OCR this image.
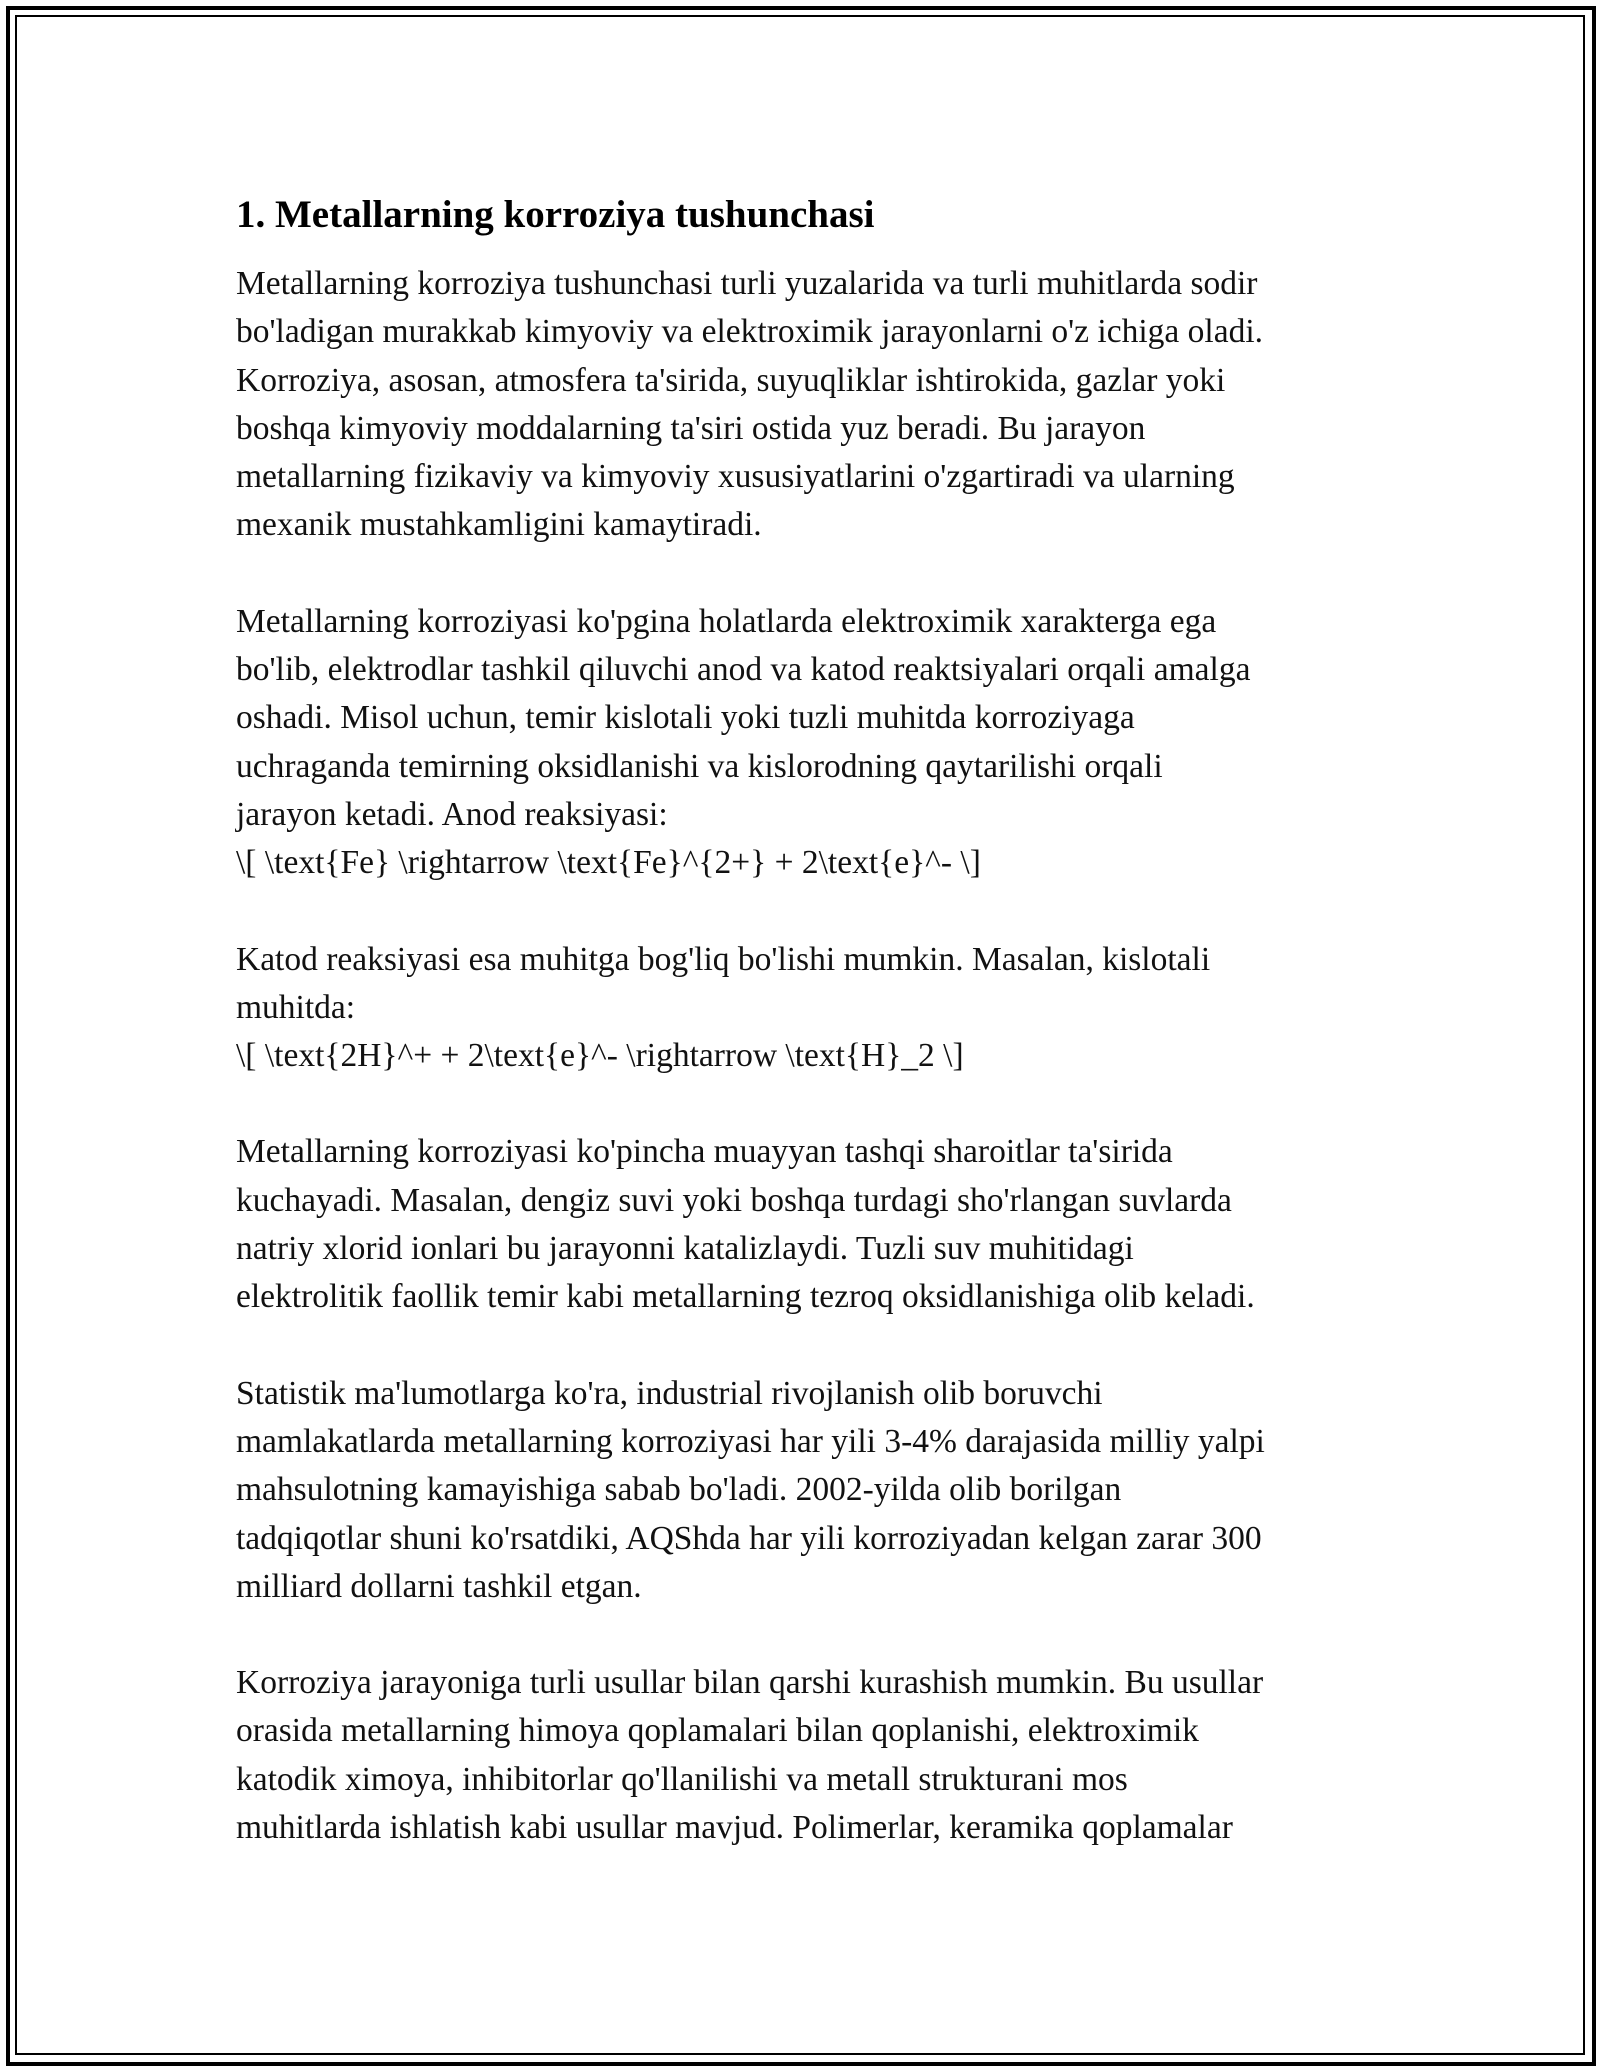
1. Metallarning korroziya tushunchasi

Metallarning korroziya tushunchasi turli yuzalarida va turli muhitlarda sodir
bo'ladigan murakkab kimyoviy va elektroximik jarayonlarni o'z ichiga oladi.
Korroziya, asosan, atmosfera ta'sirida, suyuqliklar ishtirokida, gazlar yoki
boshqa kimyoviy moddalarning ta'siri ostida yuz beradi. Bu jarayon
metallarning fizikaviy va kimyoviy xususiyatlarini o'zgartiradi va ularning
mexanik mustahkamligini kamaytiradi.

Metallarning korroziyasi ko'pgina holatlarda elektroximik xarakterga ega
bo'lib, elektrodlar tashkil qiluvchi anod va katod reaktsiyalari orqali amalga
oshadi. Misol uchun, temir kislotali yoki tuzli muhitda korroziyaga
uchraganda temirning oksidlanishi va kislorodning qaytarilishi orqali
jarayon ketadi. Anod reaksiyasi:
\[ \text{Fe} \rightarrow \text{Fe}^{2+} + 2\text{e}^- \]

Katod reaksiyasi esa muhitga bog'liq bo'lishi mumkin. Masalan, kislotali
muhitda:
\[ \text{2H}^+ + 2\text{e}^- \rightarrow \text{H}_2 \]

Metallarning korroziyasi ko'pincha muayyan tashqi sharoitlar ta'sirida
kuchayadi. Masalan, dengiz suvi yoki boshqa turdagi sho'rlangan suvlarda
natriy xlorid ionlari bu jarayonni katalizlaydi. Tuzli suv muhitidagi
elektrolitik faollik temir kabi metallarning tezroq oksidlanishiga olib keladi.

Statistik ma'lumotlarga ko'ra, industrial rivojlanish olib boruvchi
mamlakatlarda metallarning korroziyasi har yili 3-4% darajasida milliy yalpi
mahsulotning kamayishiga sabab bo'ladi. 2002-yilda olib borilgan
tadqiqotlar shuni ko'rsatdiki, AQShda har yili korroziyadan kelgan zarar 300
milliard dollarni tashkil etgan.

Korroziya jarayoniga turli usullar bilan qarshi kurashish mumkin. Bu usullar
orasida metallarning himoya qoplamalari bilan qoplanishi, elektroximik
katodik ximoya, inhibitorlar qo'llanilishi va metall strukturani mos
muhitlarda ishlatish kabi usullar mavjud. Polimerlar, keramika qoplamalar
